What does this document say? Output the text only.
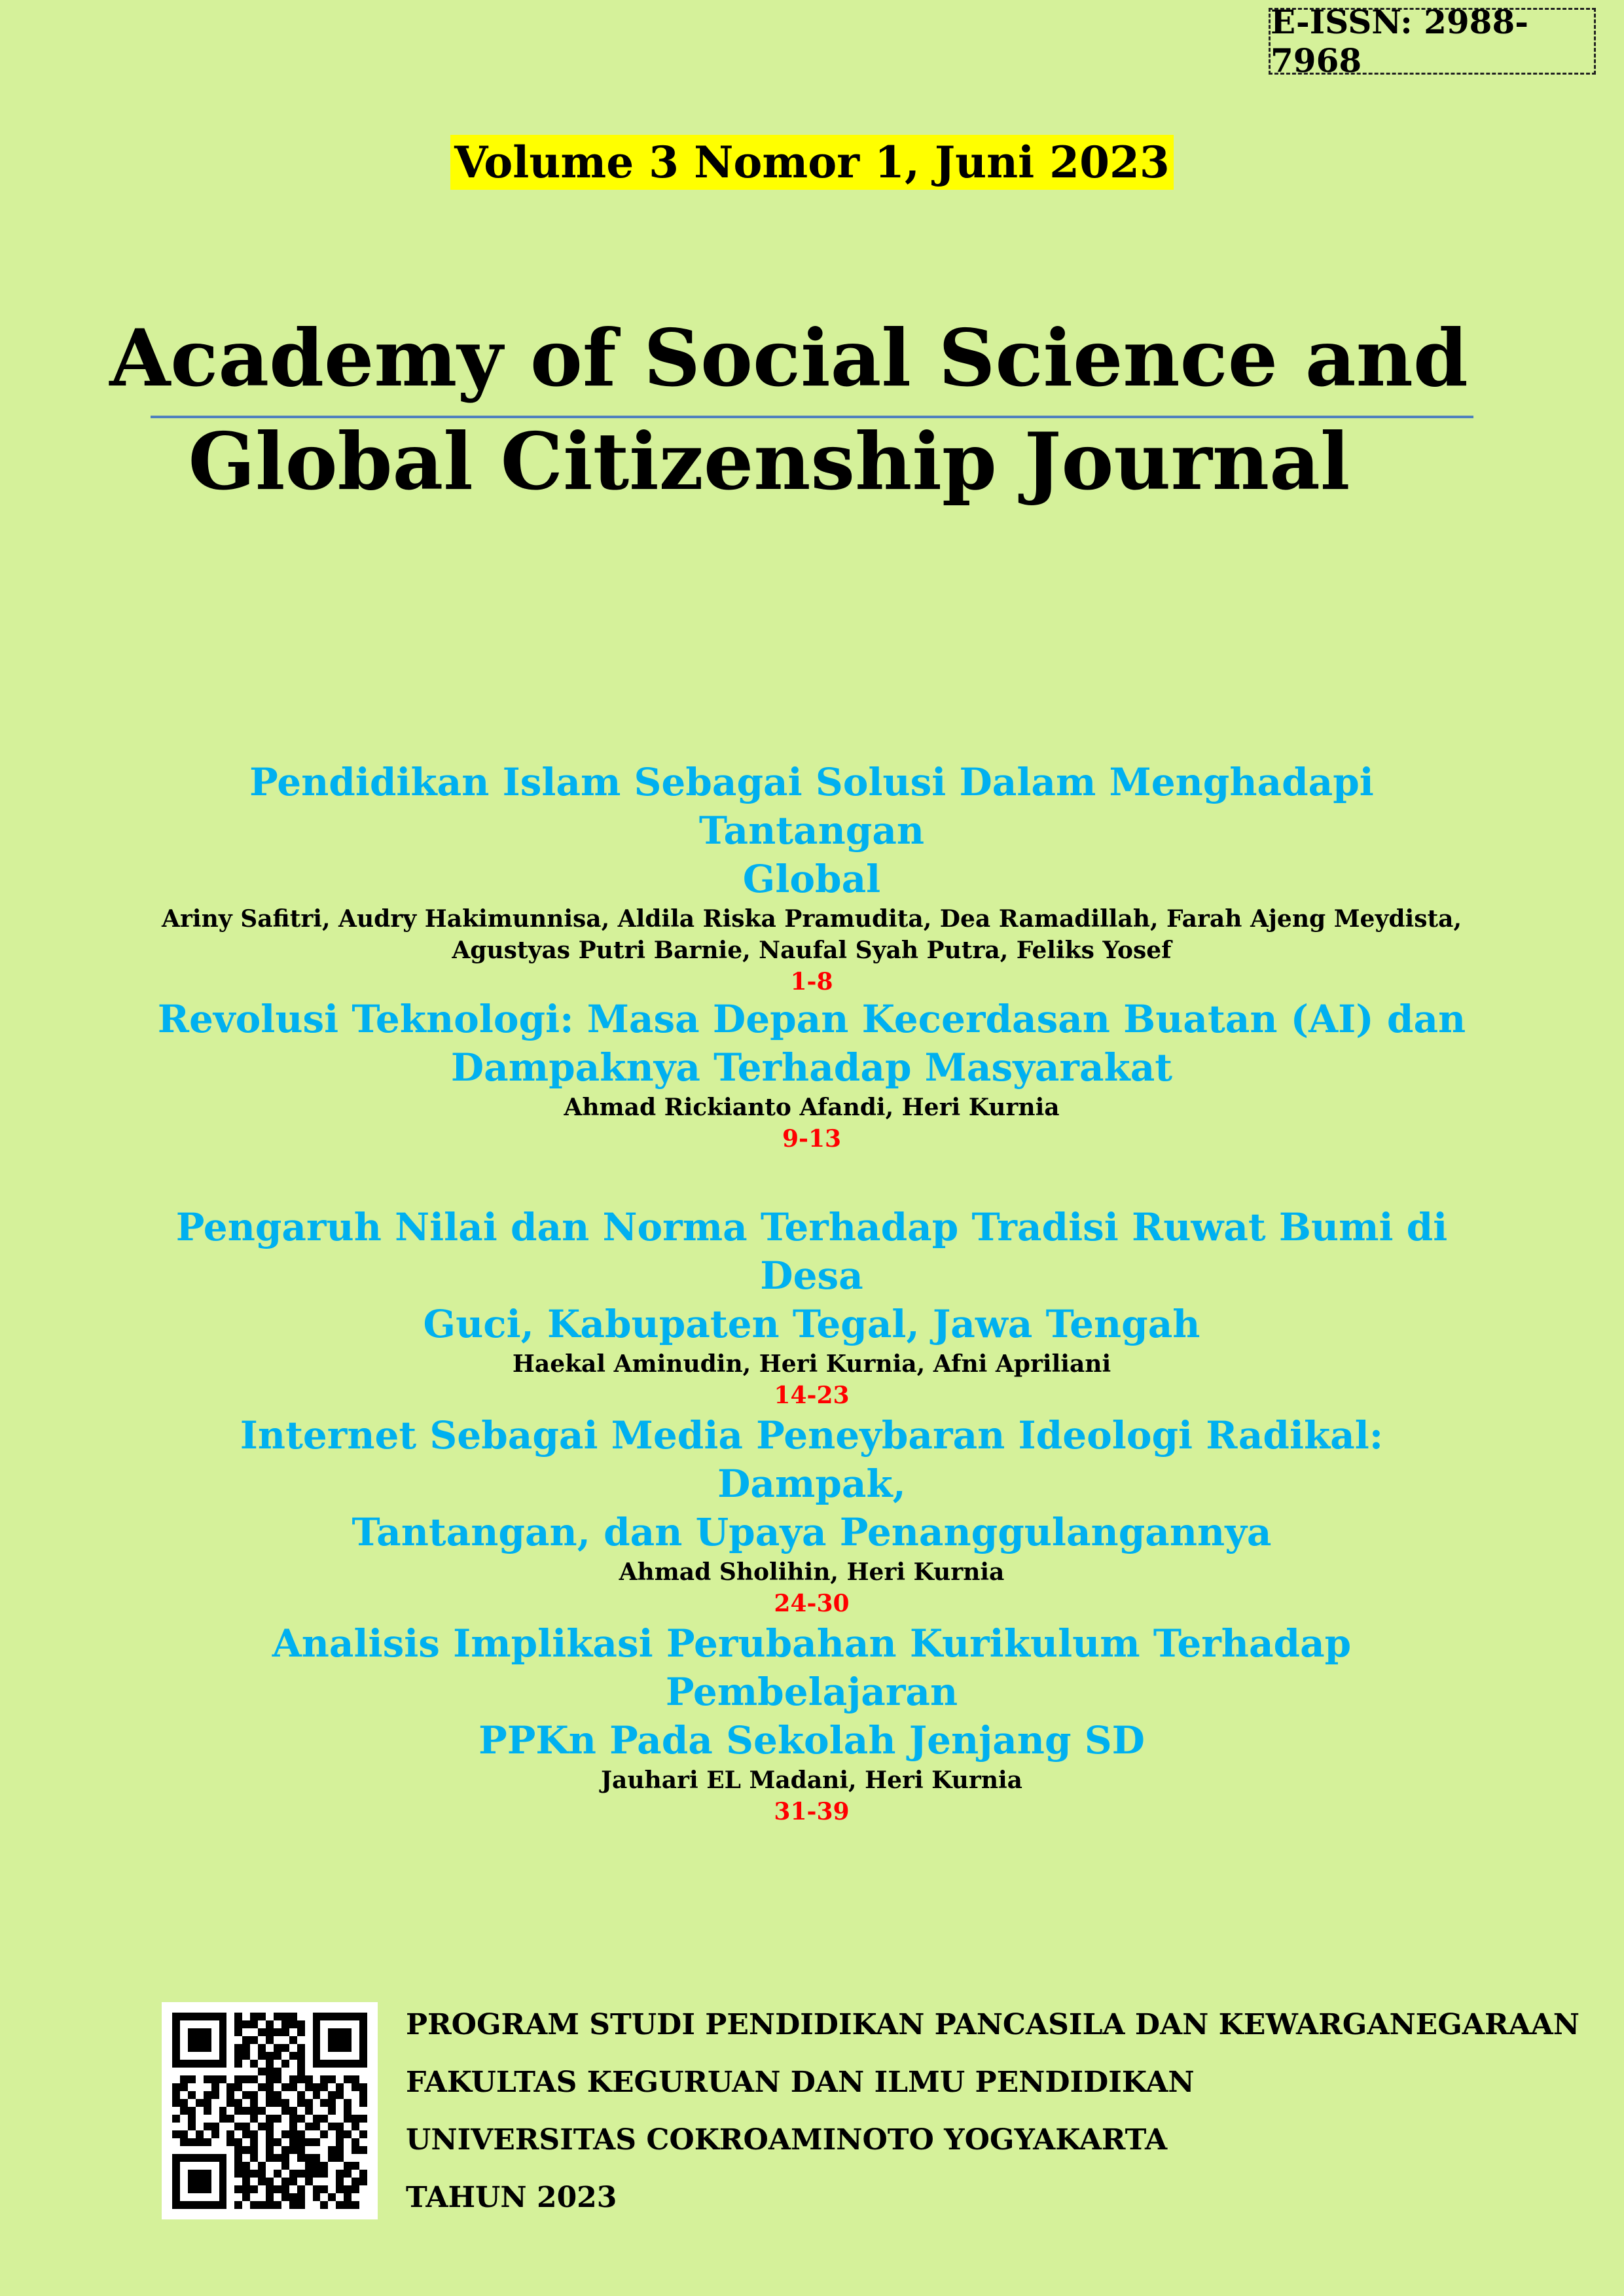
E-ISSN: 2988-7968
Volume 3 Nomor 1, Juni 2023
Academy of Social Science and
Global Citizenship Journal
Pendidikan Islam Sebagai Solusi Dalam Menghadapi Tantangan
Global
Ariny Safitri, Audry Hakimunnisa, Aldila Riska Pramudita, Dea Ramadillah, Farah Ajeng Meydista,
Agustyas Putri Barnie, Naufal Syah Putra, Feliks Yosef
1-8
Revolusi Teknologi: Masa Depan Kecerdasan Buatan (AI) dan
Dampaknya Terhadap Masyarakat
Ahmad Rickianto Afandi, Heri Kurnia
9-13
Pengaruh Nilai dan Norma Terhadap Tradisi Ruwat Bumi di Desa
Guci, Kabupaten Tegal, Jawa Tengah
Haekal Aminudin, Heri Kurnia, Afni Apriliani
14-23
Internet Sebagai Media Peneybaran Ideologi Radikal: Dampak,
Tantangan, dan Upaya Penanggulangannya
Ahmad Sholihin, Heri Kurnia
24-30
Analisis Implikasi Perubahan Kurikulum Terhadap Pembelajaran
PPKn Pada Sekolah Jenjang SD
Jauhari EL Madani, Heri Kurnia
31-39
PROGRAM STUDI PENDIDIKAN PANCASILA DAN KEWARGANEGARAAN
FAKULTAS KEGURUAN DAN ILMU PENDIDIKAN
UNIVERSITAS COKROAMINOTO YOGYAKARTA
TAHUN 2023
